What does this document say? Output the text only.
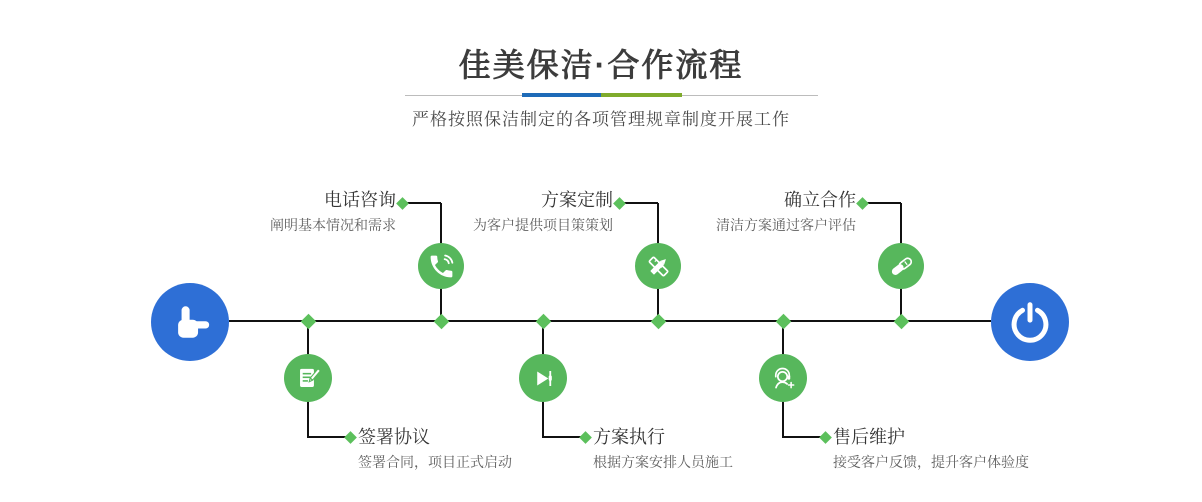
佳美保洁·合作流程

严格按照保洁制定的各项管理规章制度开展工作

电话咨询
阐明基本情况和需求
签署协议
签署合同，项目正式启动
方案定制
为客户提供项目策策划
方案执行
根据方案安排人员施工
确立合作
清洁方案通过客户评估
售后维护
接受客户反馈，提升客户体验度
